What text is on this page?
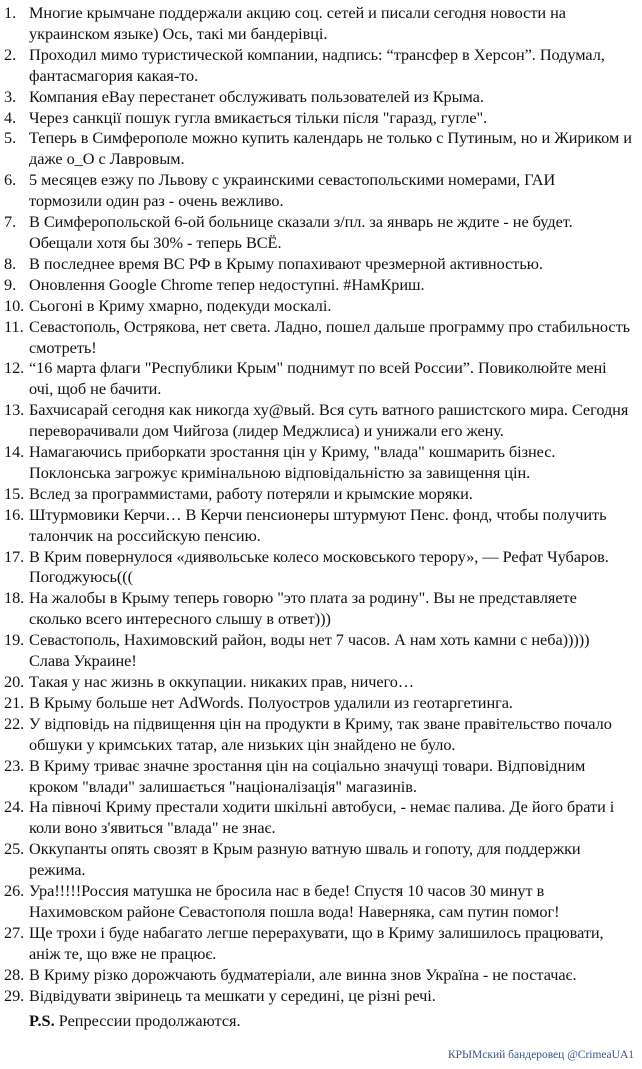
1. Многие крымчане поддержали акцию соц. сетей и писали сегодня новости на украинском языке) Ось, такі ми бандерівці.
2. Проходил мимо туристической компании, надпись: “трансфер в Херсон”. Подумал, фантасмагория какая-то.
3. Компания eBay перестанет обслуживать пользователей из Крыма.
4. Через санкції пошук гугла вмикається тільки після "гаразд, гугле".
5. Теперь в Симферополе можно купить календарь не только с Путиным, но и Жириком и даже о_О с Лавровым.
6. 5 месяцев езжу по Львову с украинскими севастопольскими номерами, ГАИ тормозили один раз - очень вежливо.
7. В Симферопольской 6-ой больнице сказали з/пл. за январь не ждите - не будет. Обещали хотя бы 30% - теперь ВСЁ.
8. В последнее время ВС РФ в Крыму попахивают чрезмерной активностью.
9. Оновлення Google Chrome тепер недоступні. #НамКриш.
10. Сьогоні в Криму хмарно, подекуди москалі.
11. Севастополь, Острякова, нет света. Ладно, пошел дальше программу про стабильность смотреть!
12. “16 марта флаги "Республики Крым" поднимут по всей России”. Повиколюйте мені очі, щоб не бачити.
13. Бахчисарай сегодня как никогда ху@вый. Вся суть ватного рашистского мира. Сегодня переворачивали дом Чийгоза (лидер Меджлиса) и унижали его жену.
14. Намагаючись приборкати зростання цін у Криму, "влада" кошмарить бізнес. Поклонська загрожує кримінальною відповідальністю за завищення цін.
15. Вслед за программистами, работу потеряли и крымские моряки.
16. Штурмовики Керчи… В Керчи пенсионеры штурмуют Пенс. фонд, чтобы получить талончик на российскую пенсию.
17. В Крим повернулося «диявольське колесо московського терору», — Рефат Чубаров. Погоджуюсь(((
18. На жалобы в Крыму теперь говорю "это плата за родину". Вы не представляете сколько всего интересного слышу в ответ)))
19. Севастополь, Нахимовский район, воды нет 7 часов. А нам хоть камни с неба))))) Слава Украине!
20. Такая у нас жизнь в оккупации. никаких прав, ничего…
21. В Крыму больше нет AdWords. Полуостров удалили из геотаргетинга.
22. У відповідь на підвищення цін на продукти в Криму, так зване правітельство почало обшуки у кримських татар, але низьких цін знайдено не було.
23. В Криму триває значне зростання цін на соціально значущі товари. Відповідним кроком "влади" залишається "націоналізація" магазинів.
24. На півночі Криму престали ходити шкільні автобуси, - немає палива. Де його брати і коли воно з'явиться "влада" не знає.
25. Оккупанты опять свозят в Крым разную ватную шваль и гопоту, для поддержки режима.
26. Ура!!!!!Россия матушка не бросила нас в беде! Спустя 10 часов 30 минут в Нахимовском районе Севастополя пошла вода! Наверняка, сам путин помог!
27. Ще трохи і буде набагато легше перерахувати, що в Криму залишилось працювати, аніж те, що вже не працює.
28. В Криму різко дорожчають будматеріали, але винна знов Україна - не постачає.
29. Відвідувати звіринець та мешкати у середині, це різні речі.
P.S. Репрессии продолжаются.
КРЫМский бандеровец @CrimeaUA1
